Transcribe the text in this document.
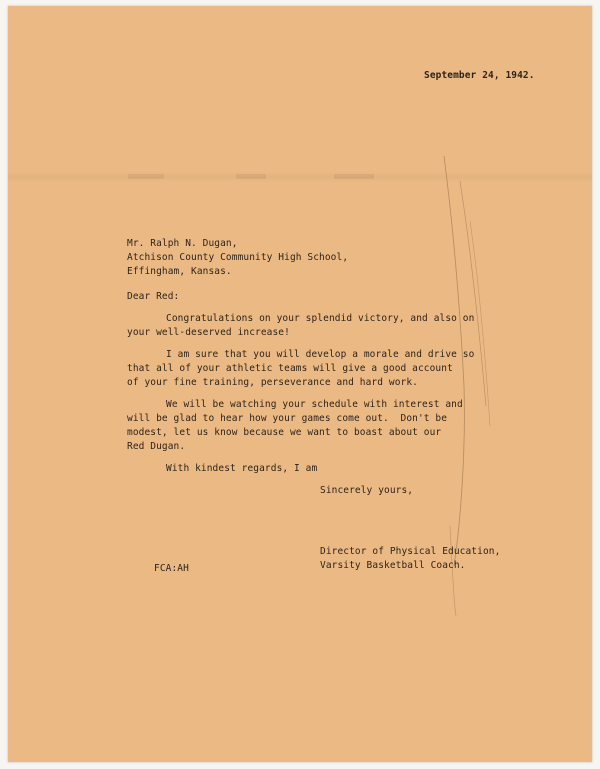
September 24, 1942.
Mr. Ralph N. Dugan,
Atchison County Community High School,
Effingham, Kansas.
Dear Red:
Congratulations on your splendid victory, and also on
your well-deserved increase!
I am sure that you will develop a morale and drive so
that all of your athletic teams will give a good account
of your fine training, perseverance and hard work.
We will be watching your schedule with interest and
will be glad to hear how your games come out.  Don't be
modest, let us know because we want to boast about our
Red Dugan.
With kindest regards, I am
Sincerely yours,
Director of Physical Education,
Varsity Basketball Coach.
FCA:AH
